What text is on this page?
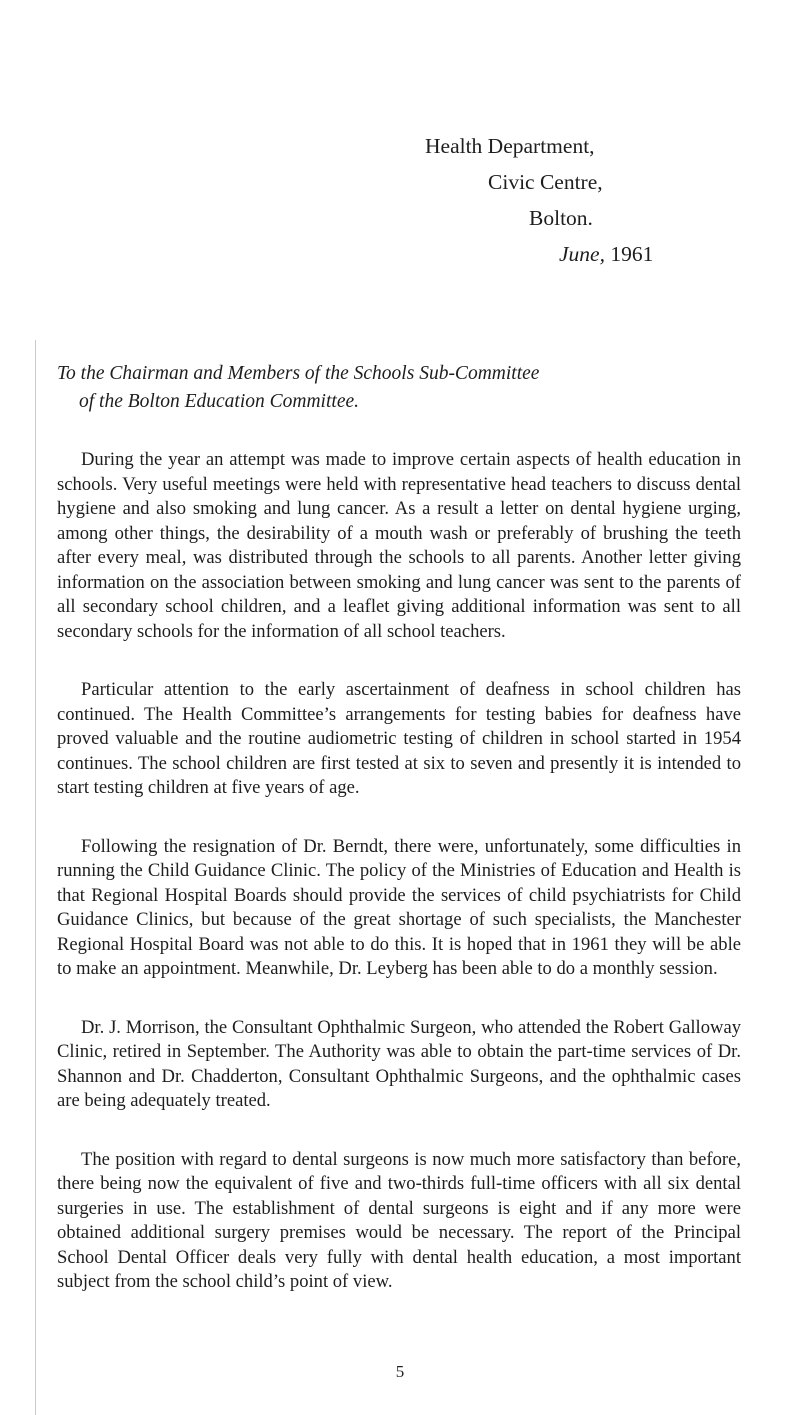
Health Department,
Civic Centre,
Bolton.
June, 1961
To the Chairman and Members of the Schools Sub-Committee
of the Bolton Education Committee.

During the year an attempt was made to improve certain aspects of health education in schools. Very useful meetings were held with representative head teachers to discuss dental hygiene and also smoking and lung cancer. As a result a letter on dental hygiene urging, among other things, the desirability of a mouth wash or preferably of brushing the teeth after every meal, was distributed through the schools to all parents. Another letter giving information on the association between smoking and lung cancer was sent to the parents of all secondary school children, and a leaflet giving additional information was sent to all secondary schools for the information of all school teachers.

Particular attention to the early ascertainment of deafness in school children has continued. The Health Committee’s arrangements for testing babies for deafness have proved valuable and the routine audiometric testing of children in school started in 1954 continues. The school children are first tested at six to seven and presently it is intended to start testing children at five years of age.

Following the resignation of Dr. Berndt, there were, unfortunately, some difficulties in running the Child Guidance Clinic. The policy of the Ministries of Education and Health is that Regional Hospital Boards should provide the services of child psychiatrists for Child Guidance Clinics, but because of the great shortage of such specialists, the Manchester Regional Hospital Board was not able to do this. It is hoped that in 1961 they will be able to make an appointment. Meanwhile, Dr. Leyberg has been able to do a monthly session.

Dr. J. Morrison, the Consultant Ophthalmic Surgeon, who attended the Robert Galloway Clinic, retired in September. The Authority was able to obtain the part-time services of Dr. Shannon and Dr. Chadderton, Consultant Ophthalmic Surgeons, and the ophthalmic cases are being adequately treated.

The position with regard to dental surgeons is now much more satisfactory than before, there being now the equivalent of five and two-thirds full-time officers with all six dental surgeries in use. The establishment of dental surgeons is eight and if any more were obtained additional surgery premises would be necessary. The report of the Principal School Dental Officer deals very fully with dental health education, a most important subject from the school child’s point of view.

5
